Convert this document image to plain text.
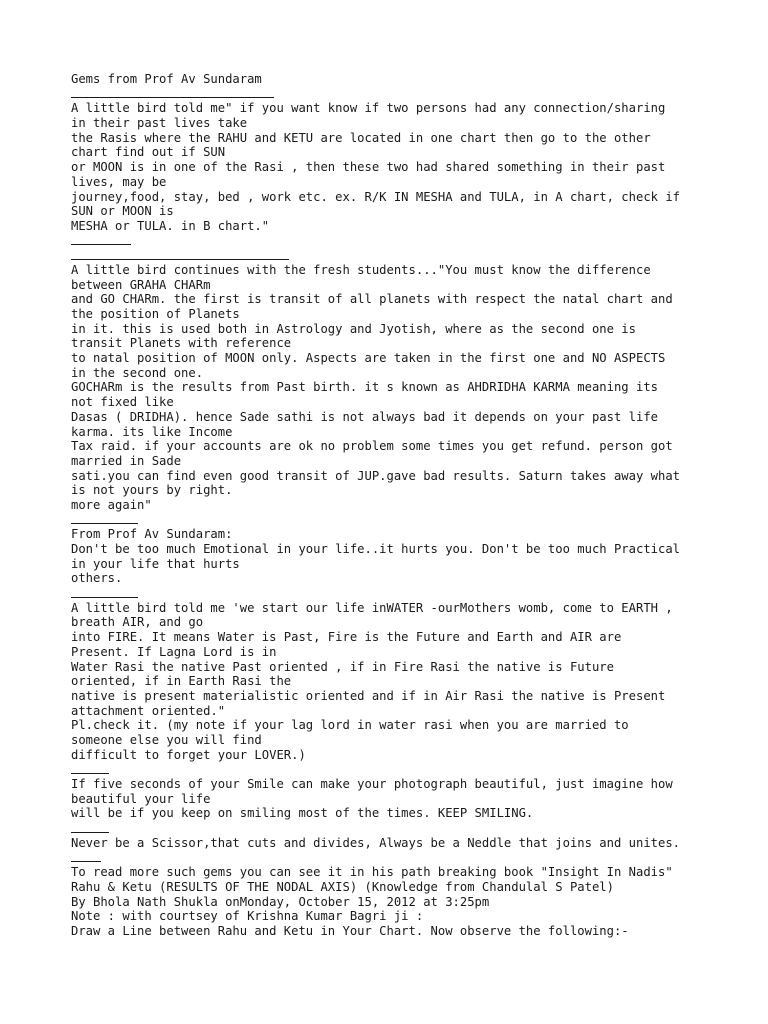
Gems from Prof Av Sundaram
A little bird told me" if you want know if two persons had any connection/sharing
in their past lives take
the Rasis where the RAHU and KETU are located in one chart then go to the other
chart find out if SUN
or MOON is in one of the Rasi , then these two had shared something in their past
lives, may be
journey,food, stay, bed , work etc. ex. R/K IN MESHA and TULA, in A chart, check if
SUN or MOON is
MESHA or TULA. in B chart."
A little bird continues with the fresh students..."You must know the difference
between GRAHA CHARm
and GO CHARm. the first is transit of all planets with respect the natal chart and
the position of Planets
in it. this is used both in Astrology and Jyotish, where as the second one is
transit Planets with reference
to natal position of MOON only. Aspects are taken in the first one and NO ASPECTS
in the second one.
GOCHARm is the results from Past birth. it s known as AHDRIDHA KARMA meaning its
not fixed like
Dasas ( DRIDHA). hence Sade sathi is not always bad it depends on your past life
karma. its like Income
Tax raid. if your accounts are ok no problem some times you get refund. person got
married in Sade
sati.you can find even good transit of JUP.gave bad results. Saturn takes away what
is not yours by right.
more again"
From Prof Av Sundaram:
Don't be too much Emotional in your life..it hurts you. Don't be too much Practical
in your life that hurts
others.
A little bird told me 'we start our life inWATER -ourMothers womb, come to EARTH ,
breath AIR, and go
into FIRE. It means Water is Past, Fire is the Future and Earth and AIR are
Present. If Lagna Lord is in
Water Rasi the native Past oriented , if in Fire Rasi the native is Future
oriented, if in Earth Rasi the
native is present materialistic oriented and if in Air Rasi the native is Present
attachment oriented."
Pl.check it. (my note if your lag lord in water rasi when you are married to
someone else you will find
difficult to forget your LOVER.)
If five seconds of your Smile can make your photograph beautiful, just imagine how
beautiful your life
will be if you keep on smiling most of the times. KEEP SMILING.
Never be a Scissor,that cuts and divides, Always be a Neddle that joins and unites.
To read more such gems you can see it in his path breaking book "Insight In Nadis"
Rahu & Ketu (RESULTS OF THE NODAL AXIS) (Knowledge from Chandulal S Patel)
By Bhola Nath Shukla onMonday, October 15, 2012 at 3:25pm
Note : with courtsey of Krishna Kumar Bagri ji :
Draw a Line between Rahu and Ketu in Your Chart. Now observe the following:-
